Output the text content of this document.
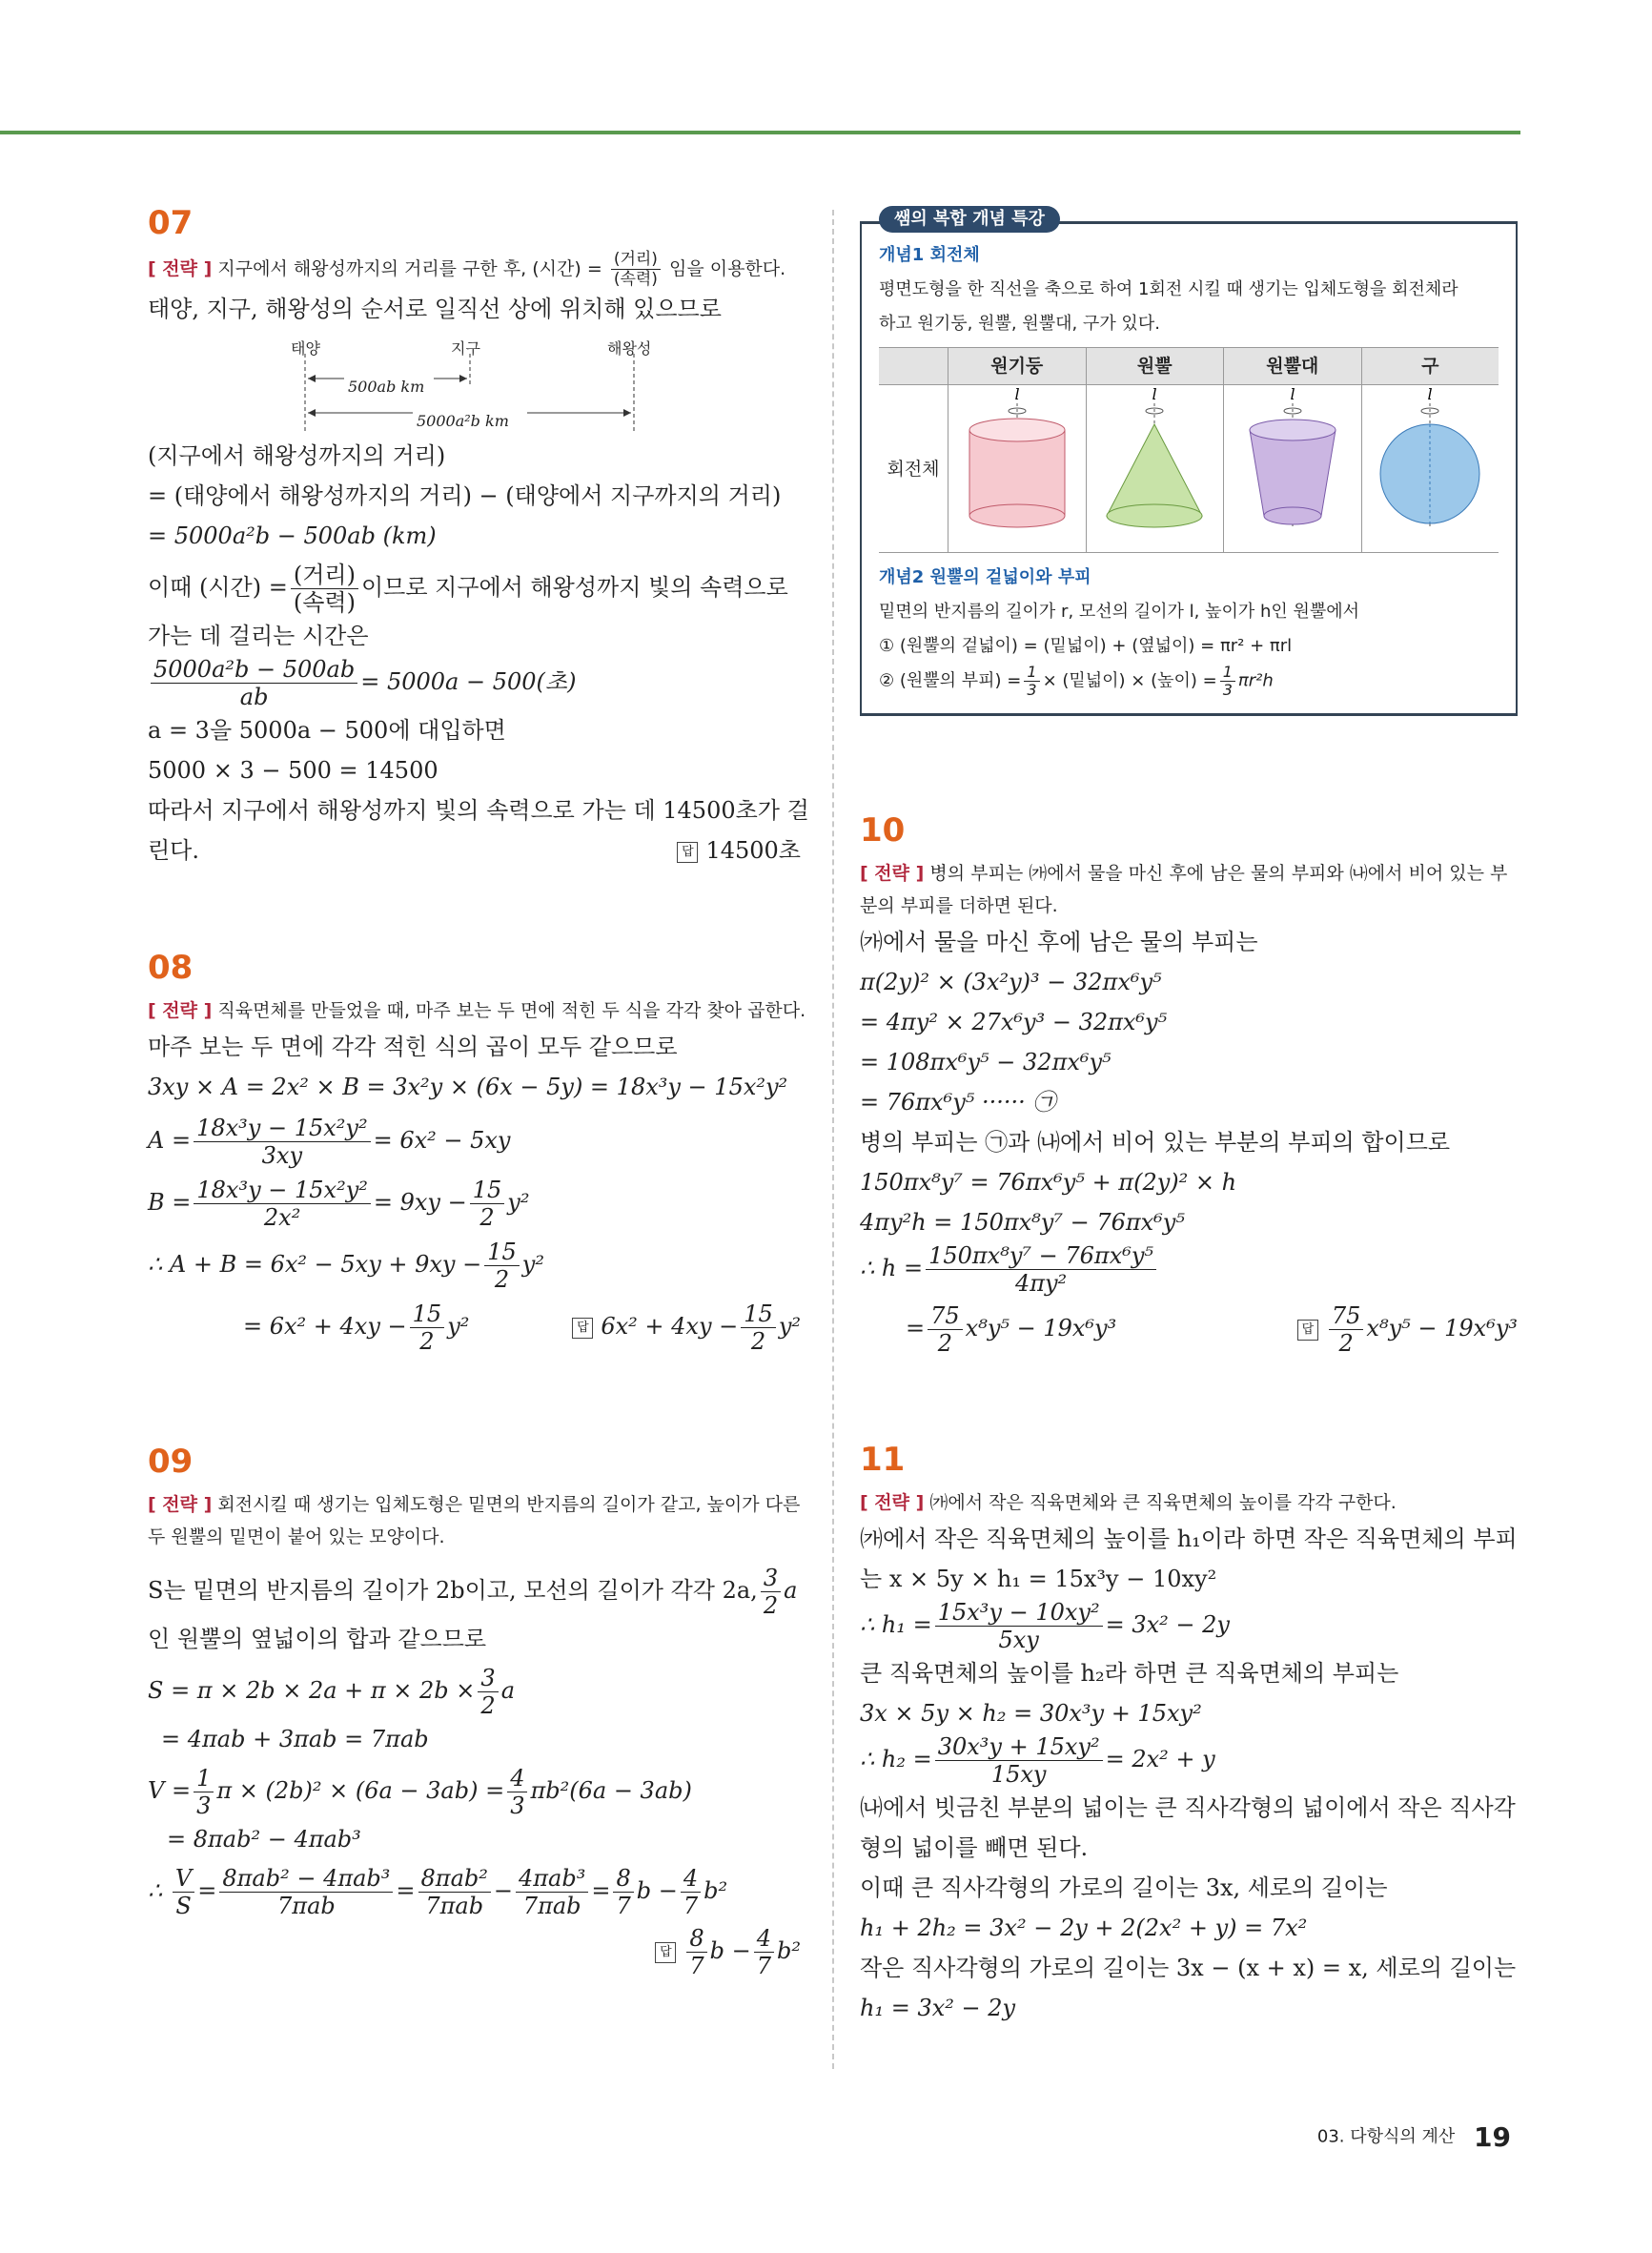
07
[ 전략 ] 지구에서 해왕성까지의 거리를 구한 후, (시간) = $\frac{\text{(거리)}}{\text{(속력)}}$ 임을 이용한다.
태양, 지구, 해왕성의 순서로 일직선 상에 위치해 있으므로
태양	지구	해왕성
500ab km
5000a²b km
(지구에서 해왕성까지의 거리)
= (태양에서 해왕성까지의 거리) − (태양에서 지구까지의 거리)
= 5000a²b − 500ab (km)
이때 (시간) = $\frac{\text{(거리)}}{\text{(속력)}}$ 이므로 지구에서 해왕성까지 빛의 속력으로
가는 데 걸리는 시간은
$\frac{\text{5000a²b − 500ab}}{ab} = 5000a - 500$(초)
a = 3을 5000a − 500에 대입하면
5000 × 3 − 500 = 14500
따라서 지구에서 해왕성까지 빛의 속력으로 가는 데 14500초가 걸
린다.	답 14500초
08
[ 전략 ] 직육면체를 만들었을 때, 마주 보는 두 면에 적힌 두 식을 각각 찾아 곱한다.
마주 보는 두 면에 각각 적힌 식의 곱이 모두 같으므로
3xy × A = 2x² × B = 3x²y × (6x − 5y) = 18x³y − 15x²y²
$A = \frac{\text{18x³y − 15x²y²}}{3xy} = 6x^2 - 5xy$
$B = \frac{\text{18x³y − 15x²y²}}{\text{2x²}} = 9xy - \frac{15}{2} y^2$
∴ $A + B = 6x^2 - 5xy + 9xy - \frac{15}{2} y^2$
= $6x^2 + 4xy - \frac{15}{2} y^2$	답 $6x^2 + 4xy - \frac{15}{2} y^2$
09
[ 전략 ] 회전시킬 때 생기는 입체도형은 밑면의 반지름의 길이가 같고, 높이가 다른 두 원뿔의 밑면이 붙어 있는 모양이다.
S는 밑면의 반지름의 길이가 2b이고, 모선의 길이가 각각 2a, $\frac{3}{2}$ a
인 원뿔의 옆넓이의 합과 같으므로
$S = \pi \times 2b \times 2a + \pi \times 2b \times \frac{3}{2}$ a
= 4πab + 3πab = 7πab
$V = \frac{1}{3}$ $\pi \times (2b)^2 \times (6a - 3ab) = \frac{4}{3} \pi b^2(6a - 3ab)$
= 8πab² − 4πab³
∴ $\frac{V}{S} = \frac{\text{8πab² − 4πab³}}{\text{7πab}} = \frac{\text{8πab²}}{\text{7πab}} - \frac{\text{4πab³}}{\text{7πab}} = \frac{8}{7}$ $b - \frac{4}{7} b^2$
답 $\frac{8}{7}$ $b - \frac{4}{7} b^2$
쌤의 복합 개념 특강
개념1 회전체
평면도형을 한 직선을 축으로 하여 1회전 시킬 때 생기는 입체도형을 회전체라
하고 원기둥, 원뿔, 원뿔대, 구가 있다.
	원기둥	원뿔	원뿔대	구
회전체	l	l	l	l
개념2 원뿔의 겉넓이와 부피
밑면의 반지름의 길이가 r, 모선의 길이가 l, 높이가 h인 원뿔에서
① (원뿔의 겉넓이) = (밑넓이) + (옆넓이) = πr² + πrl
② (원뿔의 부피) = $\frac{1}{3}$ × (밑넓이) × (높이) = $\frac{1}{3} \pi r^2h$
10
[ 전략 ] 병의 부피는 ㈎에서 물을 마신 후에 남은 물의 부피와 ㈏에서 비어 있는 부분의 부피를 더하면 된다.
㈎에서 물을 마신 후에 남은 물의 부피는
π(2y)² × (3x²y)³ − 32πx⁶y⁵
= 4πy² × 27x⁶y³ − 32πx⁶y⁵
= 108πx⁶y⁵ − 32πx⁶y⁵
= 76πx⁶y⁵ ······ ㉠
병의 부피는 ㉠과 ㈏에서 비어 있는 부분의 부피의 합이므로
150πx⁸y⁷ = 76πx⁶y⁵ + π(2y)² × h
4πy²h = 150πx⁸y⁷ − 76πx⁶y⁵
∴ $h = \frac{\text{150πx⁸y⁷ − 76πx⁶y⁵}}{\text{4πy²}}$
= $\frac{75}{2} x^8y^5 - 19x^6y^3$	답 $\frac{75}{2} x^8y^5 - 19x^6y^3$
11
[ 전략 ] ㈎에서 작은 직육면체와 큰 직육면체의 높이를 각각 구한다.
㈎에서 작은 직육면체의 높이를 h₁이라 하면 작은 직육면체의 부피
는 x × 5y × h₁ = 15x³y − 10xy²
∴ $h_1 = \frac{\text{15x³y − 10xy²}}{5xy} = 3x^2 - 2y$
큰 직육면체의 높이를 h₂라 하면 큰 직육면체의 부피는
3x × 5y × h₂ = 30x³y + 15xy²
∴ $h_2 = \frac{\text{30x³y + 15xy²}}{15xy} = 2x^2 + y$
㈏에서 빗금친 부분의 넓이는 큰 직사각형의 넓이에서 작은 직사각
형의 넓이를 빼면 된다.
이때 큰 직사각형의 가로의 길이는 3x, 세로의 길이는
h₁ + 2h₂ = 3x² − 2y + 2(2x² + y) = 7x²
작은 직사각형의 가로의 길이는 3x − (x + x) = x, 세로의 길이는
h₁ = 3x² − 2y
03. 다항식의 계산 19
